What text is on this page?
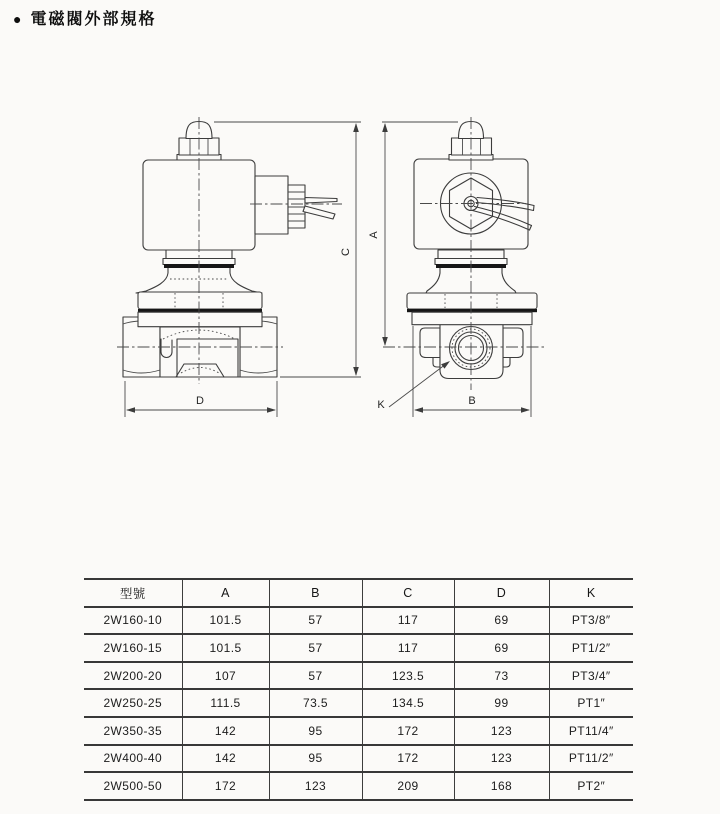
● 電磁閥外部規格
C
D
A
B
K
型號	A	B	C	D	K
2W160-10	101.5	57	117	69	PT3/8″
2W160-15	101.5	57	117	69	PT1/2″
2W200-20	107	57	123.5	73	PT3/4″
2W250-25	111.5	73.5	134.5	99	PT1″
2W350-35	142	95	172	123	PT11/4″
2W400-40	142	95	172	123	PT11/2″
2W500-50	172	123	209	168	PT2″
